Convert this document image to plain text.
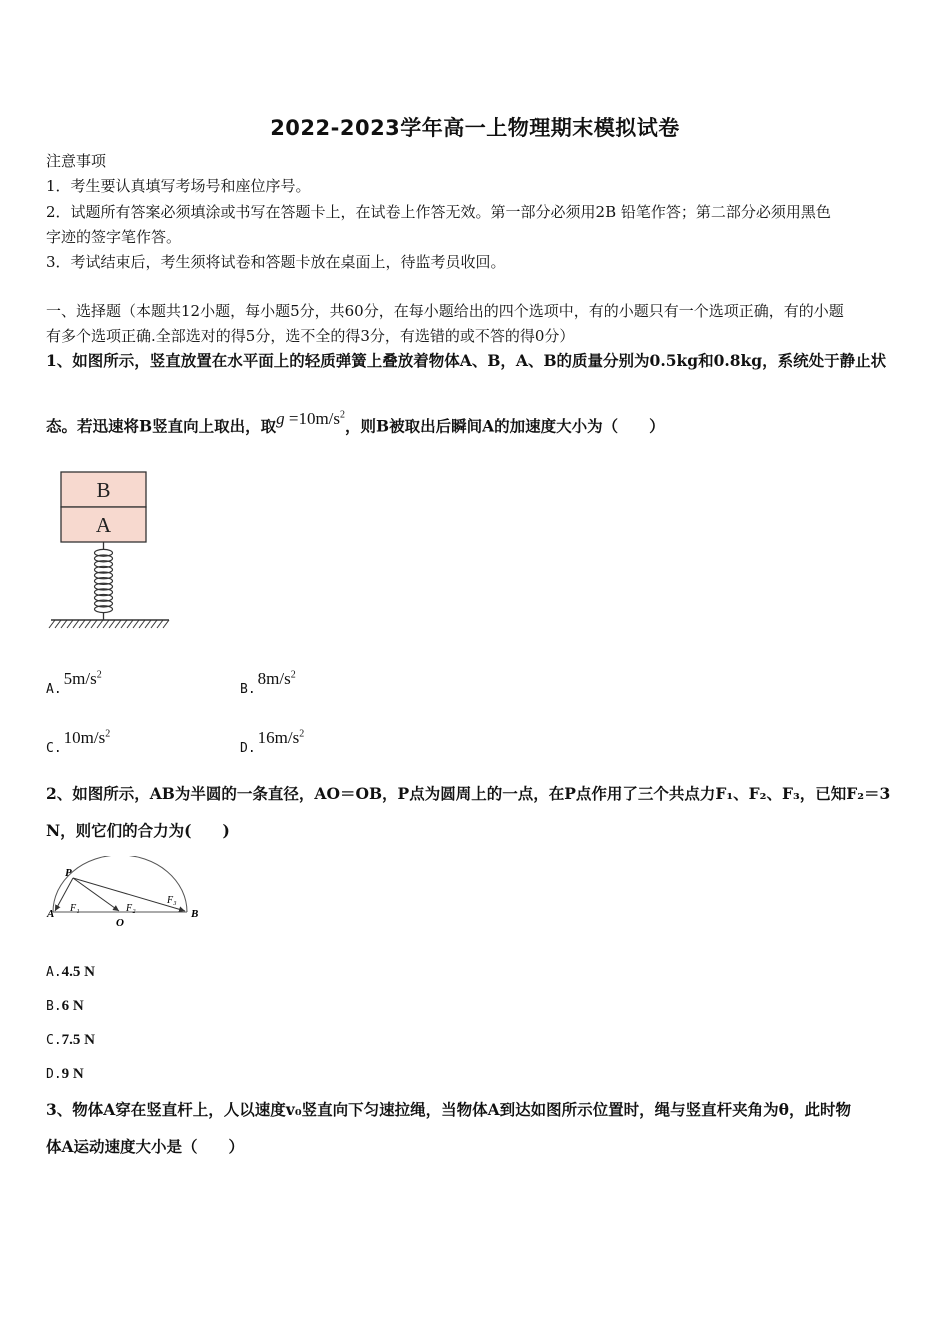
2022-2023学年高一上物理期末模拟试卷
注意事项
1．考生要认真填写考场号和座位序号。
2．试题所有答案必须填涂或书写在答题卡上，在试卷上作答无效。第一部分必须用2B 铅笔作答；第二部分必须用黑色
字迹的签字笔作答。
3．考试结束后，考生须将试卷和答题卡放在桌面上，待监考员收回。
一、选择题（本题共12小题，每小题5分，共60分，在每小题给出的四个选项中，有的小题只有一个选项正确，有的小题
有多个选项正确.全部选对的得5分，选不全的得3分，有选错的或不答的得0分）
1、如图所示，竖直放置在水平面上的轻质弹簧上叠放着物体A、B，A、B的质量分别为0.5kg和0.8kg，系统处于静止状
态。若迅速将B竖直向上取出，取$g =10m/s^2$，则B被取出后瞬间A的加速度大小为（　　）
B
A
$A.5m/s^2$
$B.8m/s^2$
$C.10m/s^2$
$D.16m/s^2$
2、如图所示，AB为半圆的一条直径，AO＝OB，P点为圆周上的一点，在P点作用了三个共点力F₁、F₂、F₃，已知F₂＝3
N，则它们的合力为(　　)
P
A
O
B
F₁	F₂
F₃
A.4.5 N
B.6 N
C.7.5 N
D.9 N
3、物体A穿在竖直杆上，人以速度v₀竖直向下匀速拉绳，当物体A到达如图所示位置时，绳与竖直杆夹角为θ，此时物
体A运动速度大小是（　　）
